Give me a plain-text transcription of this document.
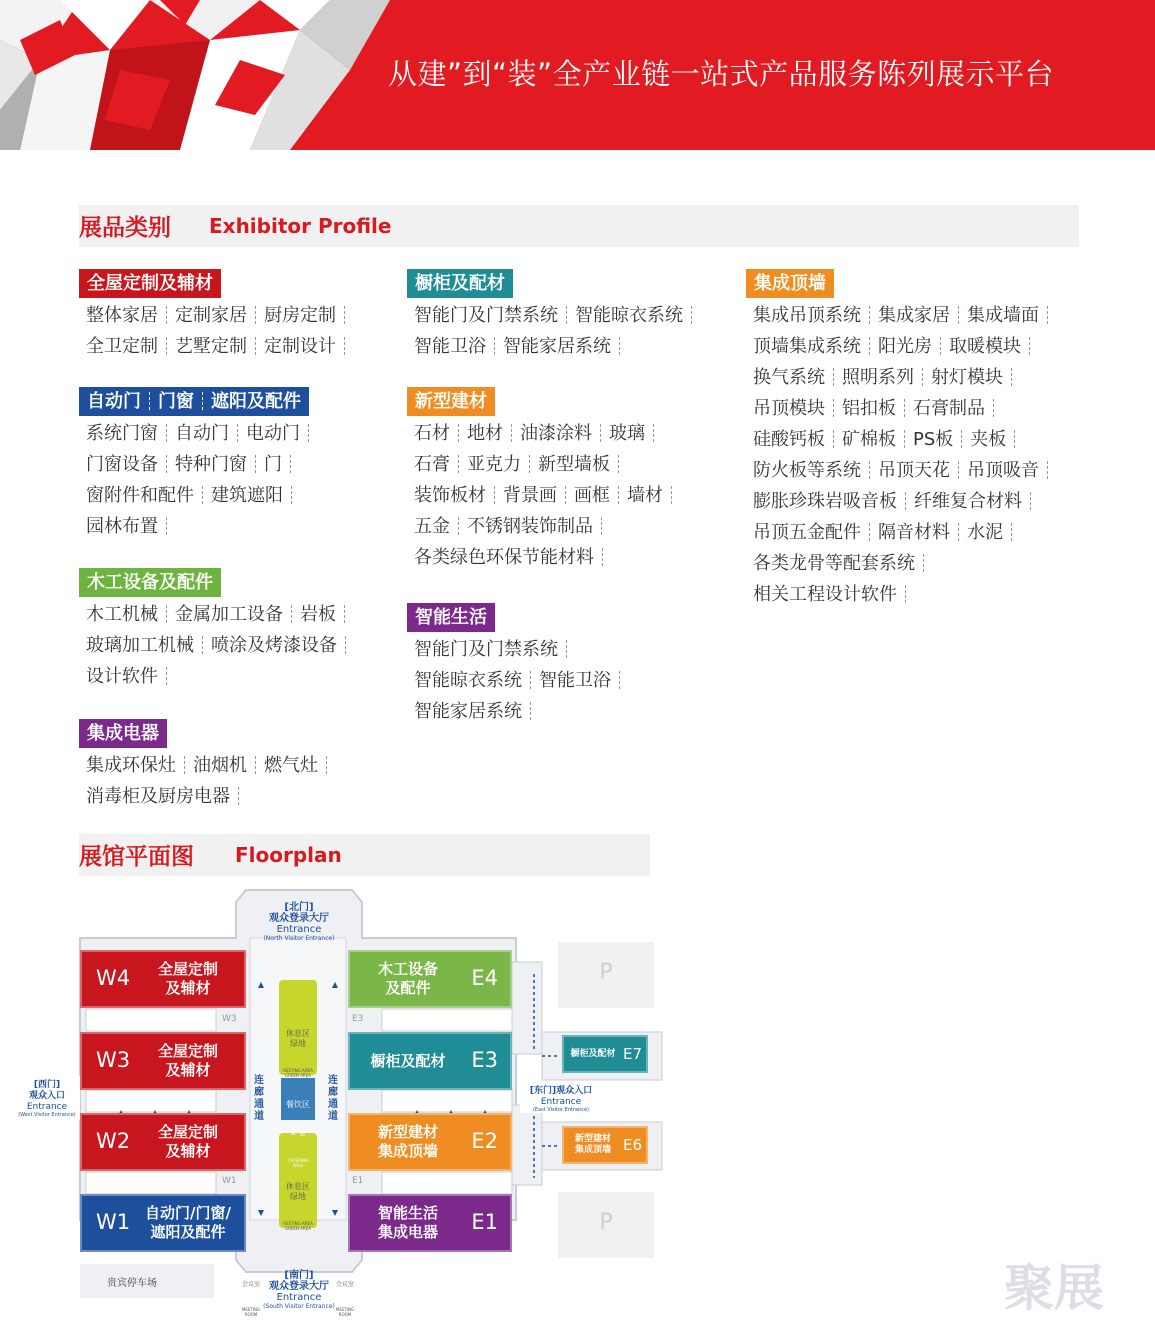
从建”到“装”全产业链一站式产品服务陈列展示平台
展品类别 Exhibitor Profile
全屋定制及辅材
整体家居 定制家居 厨房定制
全卫定制 艺墅定制 定制设计
自动门 门窗 遮阳及配件
系统门窗 自动门 电动门
门窗设备 特种门窗 门
窗附件和配件 建筑遮阳
园林布置
木工设备及配件
木工机械 金属加工设备 岩板
玻璃加工机械 喷涂及烤漆设备
设计软件
集成电器
集成环保灶 油烟机 燃气灶
消毒柜及厨房电器
橱柜及配材
智能门及门禁系统 智能晾衣系统
智能卫浴 智能家居系统
新型建材
石材 地材 油漆涂料 玻璃
石膏 亚克力 新型墙板
装饰板材 背景画 画框 墙材
五金 不锈钢装饰制品
各类绿色环保节能材料
智能生活
智能门及门禁系统
智能晾衣系统 智能卫浴
智能家居系统
集成顶墙
集成吊顶系统 集成家居 集成墙面
顶墙集成系统 阳光房 取暖模块
换气系统 照明系列 射灯模块
吊顶模块 铝扣板 石膏制品
硅酸钙板 矿棉板 PS板 夹板
防火板等系统 吊顶天花 吊顶吸音
膨胀珍珠岩吸音板 纤维复合材料
吊顶五金配件 隔音材料 水泥
各类龙骨等配套系统
相关工程设计软件
展馆平面图 Floorplan
全屋定制
及辅材
W4
全屋定制
及辅材
W3
全屋定制
及辅材
W2
自动门/门窗/
遮阳及配件
W1
木工设备
及配件	E4
橱柜及配材	E3
新型建材
集成顶墙	E2
智能生活
集成电器	E1
橱柜及配材 E7
新型建材
集成顶墙 E6
[北门]
观众登录大厅
Entrance
(North Visitor Entrance)
[南门]
观众登录大厅
Entrance
(South Visitor Entrance)
[西门]
观众入口
Entrance
(West Visitor Entrance)
[东门]观众入口
Entrance
(East Visitor Entrance)

休息区
绿地

RESTING AREA
GREEN AREA

休息区
绿地

RESTING AREA
GREEN AREA

餐饮区

✕ ☕

CATERING
AREA

连廊通道
连廊通道

会议室

MEETING
ROOM

会议室

MEETING
ROOM

W3
W1
E3
E1
P
P
贵宾停车场	聚展
